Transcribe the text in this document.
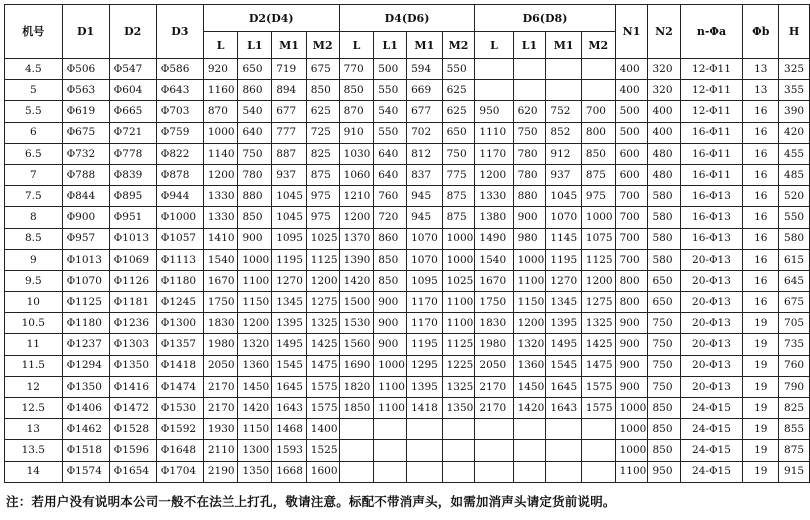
机号	D1	D2	D3	D2(D4)				D4(D6)				D6(D8)				N1	N2	n-Φa	Φb	H
				L	L1	M1	M2	L	L1	M1	M2	L	L1	M1	M2					
4.5	Φ506	Φ547	Φ586	920	650	719	675	770	500	594	550					400	320	12-Φ11	13	325
5	Φ563	Φ604	Φ643	1160	860	894	850	850	550	669	625					400	320	12-Φ11	13	355
5.5	Φ619	Φ665	Φ703	870	540	677	625	870	540	677	625	950	620	752	700	500	400	12-Φ11	16	390
6	Φ675	Φ721	Φ759	1000	640	777	725	910	550	702	650	1110	750	852	800	500	400	16-Φ11	16	420
6.5	Φ732	Φ778	Φ822	1140	750	887	825	1030	640	812	750	1170	780	912	850	600	480	16-Φ11	16	455
7	Φ788	Φ839	Φ878	1200	780	937	875	1060	640	837	775	1200	780	937	875	600	480	16-Φ11	16	485
7.5	Φ844	Φ895	Φ944	1330	880	1045	975	1210	760	945	875	1330	880	1045	975	700	580	16-Φ13	16	520
8	Φ900	Φ951	Φ1000	1330	850	1045	975	1200	720	945	875	1380	900	1070	1000	700	580	16-Φ13	16	550
8.5	Φ957	Φ1013	Φ1057	1410	900	1095	1025	1370	860	1070	1000	1490	980	1145	1075	700	580	16-Φ13	16	580
9	Φ1013	Φ1069	Φ1113	1540	1000	1195	1125	1390	850	1070	1000	1540	1000	1195	1125	700	580	20-Φ13	16	615
9.5	Φ1070	Φ1126	Φ1180	1670	1100	1270	1200	1420	850	1095	1025	1670	1100	1270	1200	800	650	20-Φ13	16	645
10	Φ1125	Φ1181	Φ1245	1750	1150	1345	1275	1500	900	1170	1100	1750	1150	1345	1275	800	650	20-Φ13	16	675
10.5	Φ1180	Φ1236	Φ1300	1830	1200	1395	1325	1530	900	1170	1100	1830	1200	1395	1325	900	750	20-Φ13	19	705
11	Φ1237	Φ1303	Φ1357	1980	1320	1495	1425	1560	900	1195	1125	1980	1320	1495	1425	900	750	20-Φ13	19	735
11.5	Φ1294	Φ1350	Φ1418	2050	1360	1545	1475	1690	1000	1295	1225	2050	1360	1545	1475	900	750	20-Φ13	19	760
12	Φ1350	Φ1416	Φ1474	2170	1450	1645	1575	1820	1100	1395	1325	2170	1450	1645	1575	900	750	20-Φ13	19	790
12.5	Φ1406	Φ1472	Φ1530	2170	1420	1643	1575	1850	1100	1418	1350	2170	1420	1643	1575	1000	850	24-Φ15	19	825
13	Φ1462	Φ1528	Φ1592	1930	1150	1468	1400									1000	850	24-Φ15	19	855
13.5	Φ1518	Φ1596	Φ1648	2110	1300	1593	1525									1000	850	24-Φ15	19	875
14	Φ1574	Φ1654	Φ1704	2190	1350	1668	1600									1100	950	24-Φ15	19	915
注：若用户没有说明本公司一般不在法兰上打孔，敬请注意。标配不带消声头，如需加消声头请定货前说明。
